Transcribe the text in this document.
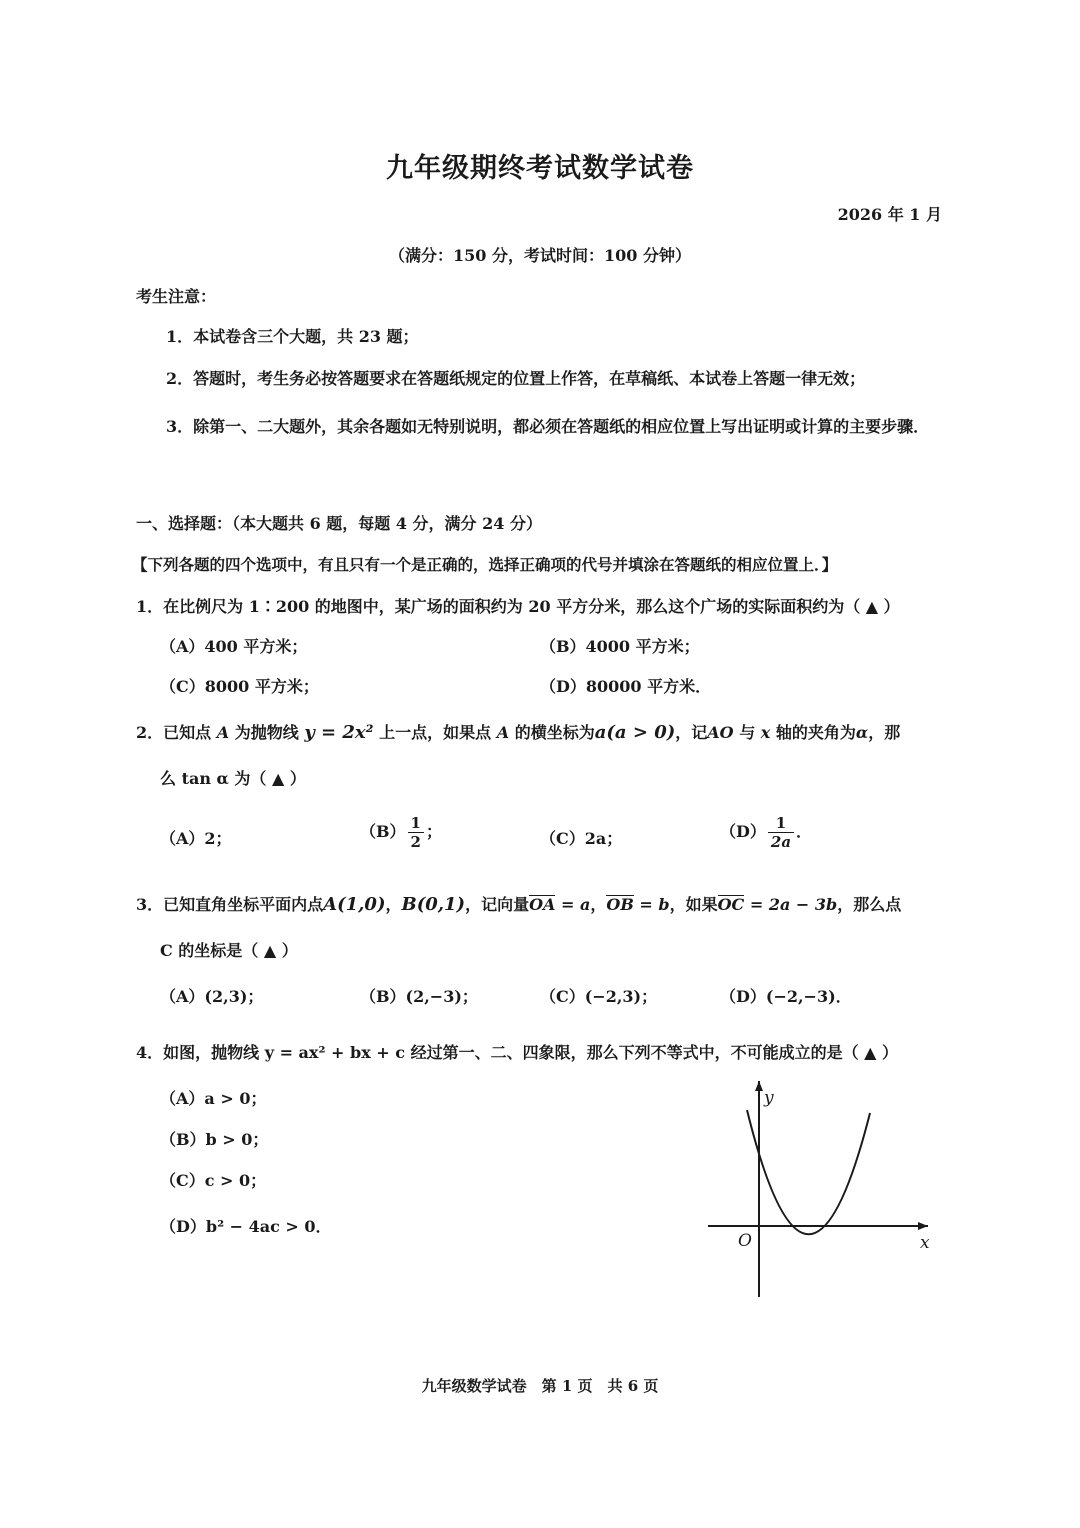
九年级期终考试数学试卷
2026 年 1 月
（满分：150 分，考试时间：100 分钟）
考生注意：
1．本试卷含三个大题，共 23 题；
2．答题时，考生务必按答题要求在答题纸规定的位置上作答，在草稿纸、本试卷上答题一律无效；
3．除第一、二大题外，其余各题如无特别说明，都必须在答题纸的相应位置上写出证明或计算的主要步骤．
一、选择题：（本大题共 6 题，每题 4 分，满分 24 分）
【下列各题的四个选项中，有且只有一个是正确的，选择正确项的代号并填涂在答题纸的相应位置上．】
1．在比例尺为 1∶200 的地图中，某广场的面积约为 20 平方分米，那么这个广场的实际面积约为（ ▲ ）
（A）400 平方米；	（B）4000 平方米；
（C）8000 平方米；	（D）80000 平方米．
2．已知点 A 为抛物线 y = 2x² 上一点，如果点 A 的横坐标为a(a > 0)，记AO 与 x 轴的夹角为α，那
么 tan α 为（ ▲ ）
（A）2；	$(B) \frac{1}{2}$ ；	（C）2a；	$(D) \frac{1}{2a}$ ．
3．已知直角坐标平面内点A(1,0)，B(0,1)，记向量OA = a，OB = b，如果OC = 2a − 3b，那么点
C 的坐标是（ ▲ ）
（A）(2,3)；	（B）(2,−3)；	（C）(−2,3)；	（D）(−2,−3)．
4．如图，抛物线 y = ax² + bx + c 经过第一、二、四象限，那么下列不等式中，不可能成立的是（ ▲ ）
（A）a > 0；
（B）b > 0；
（C）c > 0；
（D）b² − 4ac > 0．
y
x
O
九年级数学试卷　第 1 页　共 6 页
